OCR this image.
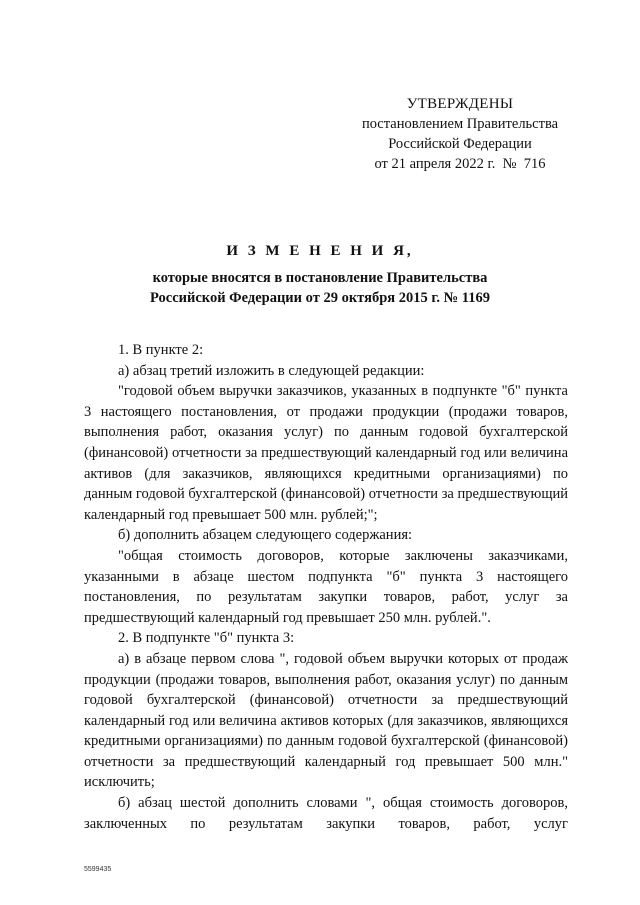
УТВЕРЖДЕНЫ
постановлением Правительства
Российской Федерации
от 21 апреля 2022 г.  №  716
И З М Е Н Е Н И Я,
которые вносятся в постановление Правительства
Российской Федерации от 29 октября 2015 г. № 1169

1. В пункте 2:

а) абзац третий изложить в следующей редакции:

"годовой объем выручки заказчиков, указанных в подпункте "б" пункта 3 настоящего постановления, от продажи продукции (продажи товаров, выполнения работ, оказания услуг) по данным годовой бухгалтерской (финансовой) отчетности за предшествующий календарный год или величина активов (для заказчиков, являющихся кредитными организациями) по данным годовой бухгалтерской (финансовой) отчетности за предшествующий календарный год превышает 500 млн. рублей;";

б) дополнить абзацем следующего содержания:

"общая стоимость договоров, которые заключены заказчиками, указанными в абзаце шестом подпункта "б" пункта 3 настоящего постановления, по результатам закупки товаров, работ, услуг за предшествующий календарный год превышает 250 млн. рублей.".

2. В подпункте "б" пункта 3:

а) в абзаце первом слова ", годовой объем выручки которых от продаж продукции (продажи товаров, выполнения работ, оказания услуг) по данным годовой бухгалтерской (финансовой) отчетности за предшествующий календарный год или величина активов которых (для заказчиков, являющихся кредитными организациями) по данным годовой бухгалтерской (финансовой) отчетности за предшествующий календарный год превышает 500 млн." исключить;

б) абзац шестой дополнить словами ", общая стоимость договоров, заключенных по результатам закупки товаров, работ, услуг

5599435
